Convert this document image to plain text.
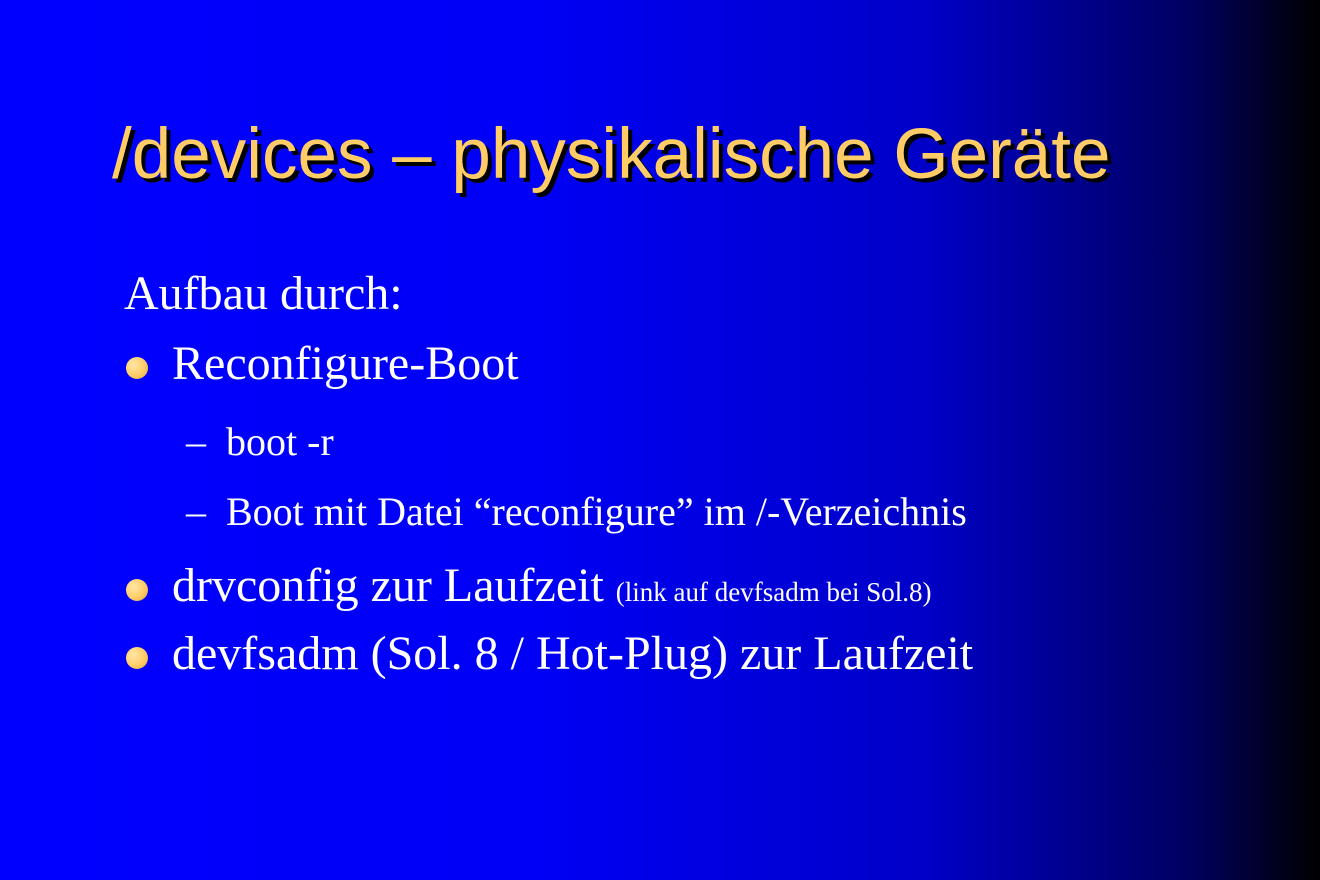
/devices – physikalische Geräte
Aufbau durch:
Reconfigure-Boot
– boot -r
– Boot mit Datei “reconfigure” im /-Verzeichnis
drvconfig zur Laufzeit (link auf devfsadm bei Sol.8)
devfsadm (Sol. 8 / Hot-Plug) zur Laufzeit
